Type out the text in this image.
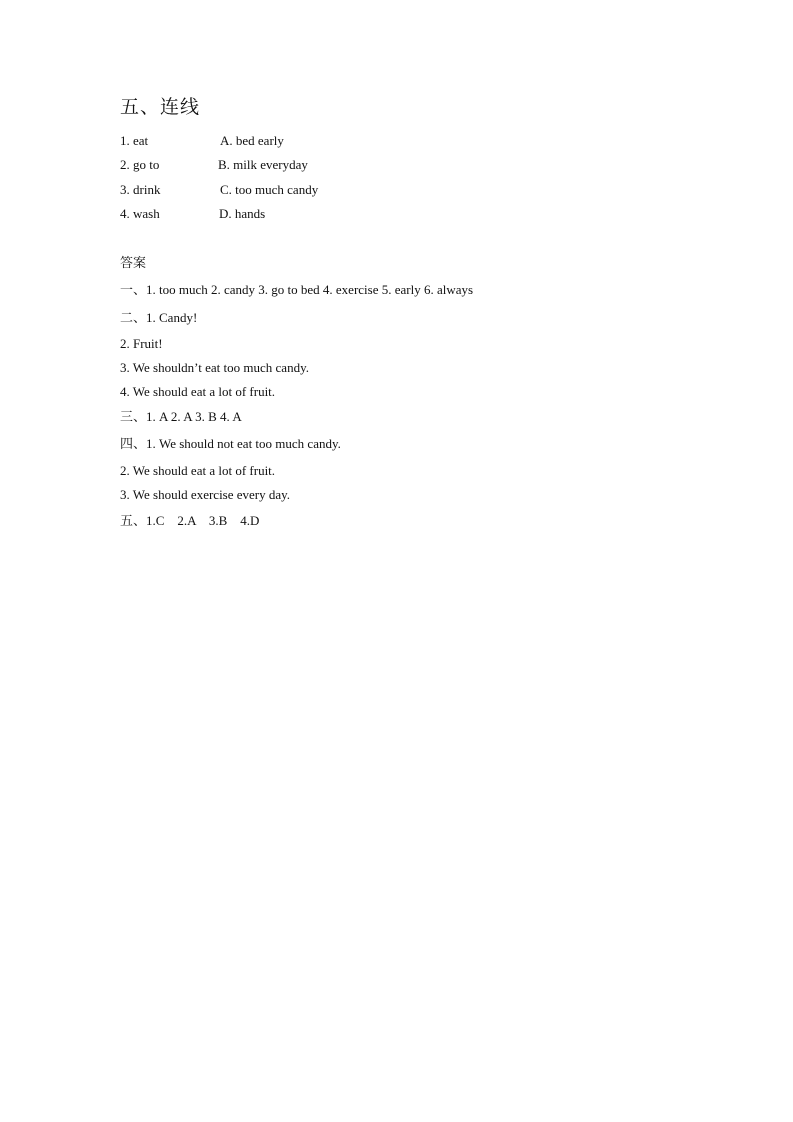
五、连线
1. eat	A. bed early
2. go to	B. milk everyday
3. drink	C. too much candy
4. wash	D. hands
答案

一、1. too much 2. candy 3. go to bed 4. exercise 5. early 6. always

二、1. Candy!

2. Fruit!

3. We shouldn’t eat too much candy.

4. We should eat a lot of fruit.

三、1. A 2. A 3. B 4. A

四、1. We should not eat too much candy.

2. We should eat a lot of fruit.

3. We should exercise every day.

五、1.C    2.A    3.B    4.D
